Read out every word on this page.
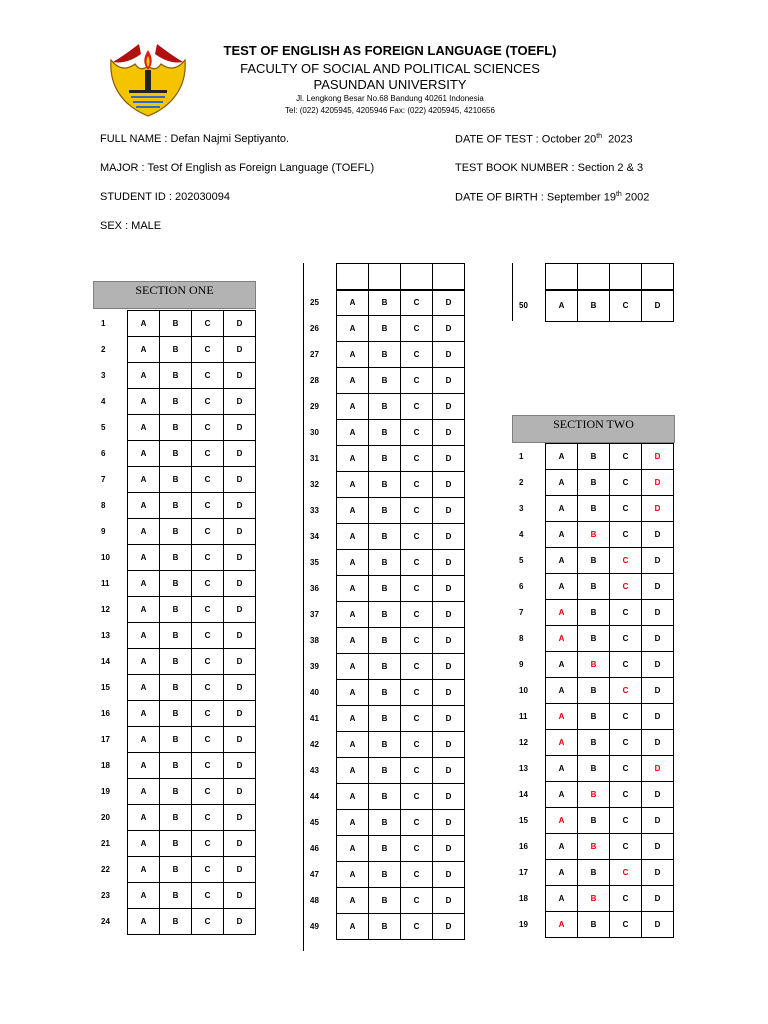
TEST OF ENGLISH AS FOREIGN LANGUAGE (TOEFL)
FACULTY OF SOCIAL AND POLITICAL SCIENCES
PASUNDAN UNIVERSITY
Jl. Lengkong Besar No.68 Bandung 40261 Indonesia
Tel: (022) 4205945, 4205946 Fax: (022) 4205945, 4210656
FULL NAME : Defan Najmi Septiyanto.
MAJOR : Test Of English as Foreign Language (TOEFL)
STUDENT ID : 202030094
SEX : MALE
DATE OF TEST : October 20th  2023
TEST BOOK NUMBER : Section 2 & 3
DATE OF BIRTH : September 19th 2002
SECTION ONE
1	A	B	C	D
2	A	B	C	D
3	A	B	C	D
4	A	B	C	D
5	A	B	C	D
6	A	B	C	D
7	A	B	C	D
8	A	B	C	D
9	A	B	C	D
10	A	B	C	D
11	A	B	C	D
12	A	B	C	D
13	A	B	C	D
14	A	B	C	D
15	A	B	C	D
16	A	B	C	D
17	A	B	C	D
18	A	B	C	D
19	A	B	C	D
20	A	B	C	D
21	A	B	C	D
22	A	B	C	D
23	A	B	C	D
24	A	B	C	D

25	A	B	C	D
26	A	B	C	D
27	A	B	C	D
28	A	B	C	D
29	A	B	C	D
30	A	B	C	D
31	A	B	C	D
32	A	B	C	D
33	A	B	C	D
34	A	B	C	D
35	A	B	C	D
36	A	B	C	D
37	A	B	C	D
38	A	B	C	D
39	A	B	C	D
40	A	B	C	D
41	A	B	C	D
42	A	B	C	D
43	A	B	C	D
44	A	B	C	D
45	A	B	C	D
46	A	B	C	D
47	A	B	C	D
48	A	B	C	D
49	A	B	C	D

50	A	B	C	D
SECTION TWO
1	A	B	C	D
2	A	B	C	D
3	A	B	C	D
4	A	B	C	D
5	A	B	C	D
6	A	B	C	D
7	A	B	C	D
8	A	B	C	D
9	A	B	C	D
10	A	B	C	D
11	A	B	C	D
12	A	B	C	D
13	A	B	C	D
14	A	B	C	D
15	A	B	C	D
16	A	B	C	D
17	A	B	C	D
18	A	B	C	D
19	A	B	C	D
